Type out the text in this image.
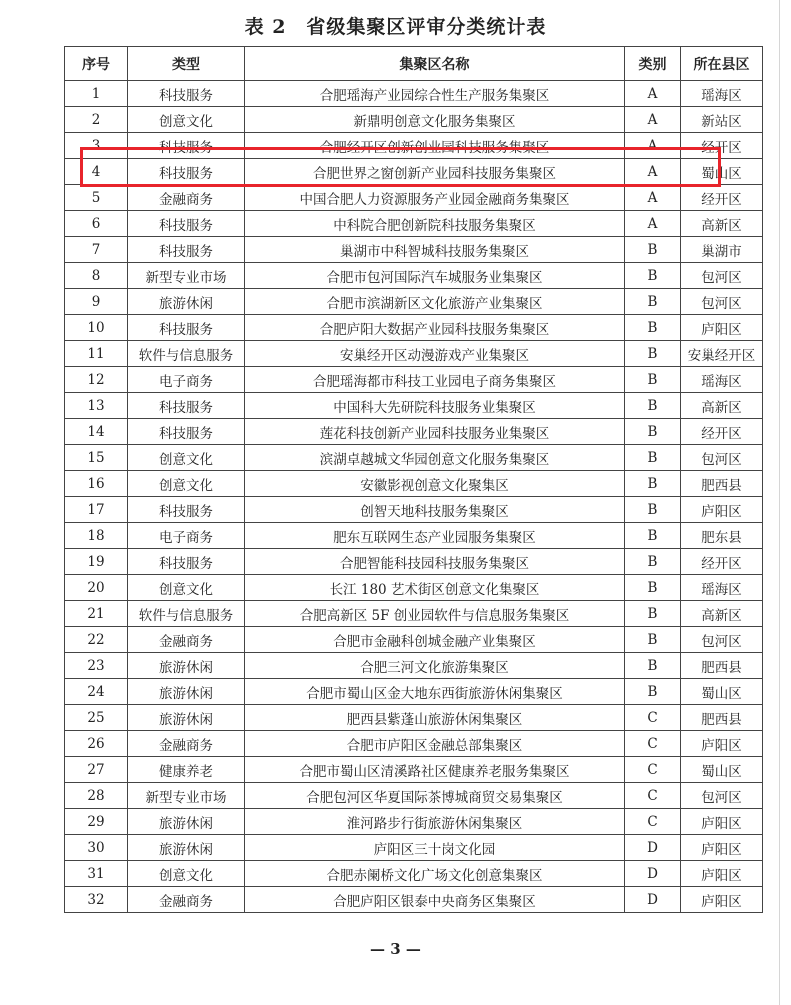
表 2　省级集聚区评审分类统计表
序号	类型	集聚区名称	类别	所在县区
1	科技服务	合肥瑶海产业园综合性生产服务集聚区	A	瑶海区
2	创意文化	新鼎明创意文化服务集聚区	A	新站区
3	科技服务	合肥经开区创新创业园科技服务集聚区	A	经开区
4	科技服务	合肥世界之窗创新产业园科技服务集聚区	A	蜀山区
5	金融商务	中国合肥人力资源服务产业园金融商务集聚区	A	经开区
6	科技服务	中科院合肥创新院科技服务集聚区	A	高新区
7	科技服务	巢湖市中科智城科技服务集聚区	B	巢湖市
8	新型专业市场	合肥市包河国际汽车城服务业集聚区	B	包河区
9	旅游休闲	合肥市滨湖新区文化旅游产业集聚区	B	包河区
10	科技服务	合肥庐阳大数据产业园科技服务集聚区	B	庐阳区
11	软件与信息服务	安巢经开区动漫游戏产业集聚区	B	安巢经开区
12	电子商务	合肥瑶海都市科技工业园电子商务集聚区	B	瑶海区
13	科技服务	中国科大先研院科技服务业集聚区	B	高新区
14	科技服务	莲花科技创新产业园科技服务业集聚区	B	经开区
15	创意文化	滨湖卓越城文华园创意文化服务集聚区	B	包河区
16	创意文化	安徽影视创意文化聚集区	B	肥西县
17	科技服务	创智天地科技服务集聚区	B	庐阳区
18	电子商务	肥东互联网生态产业园服务集聚区	B	肥东县
19	科技服务	合肥智能科技园科技服务集聚区	B	经开区
20	创意文化	长江 180 艺术街区创意文化集聚区	B	瑶海区
21	软件与信息服务	合肥高新区 5F 创业园软件与信息服务集聚区	B	高新区
22	金融商务	合肥市金融科创城金融产业集聚区	B	包河区
23	旅游休闲	合肥三河文化旅游集聚区	B	肥西县
24	旅游休闲	合肥市蜀山区金大地东西街旅游休闲集聚区	B	蜀山区
25	旅游休闲	肥西县紫蓬山旅游休闲集聚区	C	肥西县
26	金融商务	合肥市庐阳区金融总部集聚区	C	庐阳区
27	健康养老	合肥市蜀山区清溪路社区健康养老服务集聚区	C	蜀山区
28	新型专业市场	合肥包河区华夏国际茶博城商贸交易集聚区	C	包河区
29	旅游休闲	淮河路步行街旅游休闲集聚区	C	庐阳区
30	旅游休闲	庐阳区三十岗文化园	D	庐阳区
31	创意文化	合肥赤阑桥文化广场文化创意集聚区	D	庐阳区
32	金融商务	合肥庐阳区银泰中央商务区集聚区	D	庐阳区
— 3 —
